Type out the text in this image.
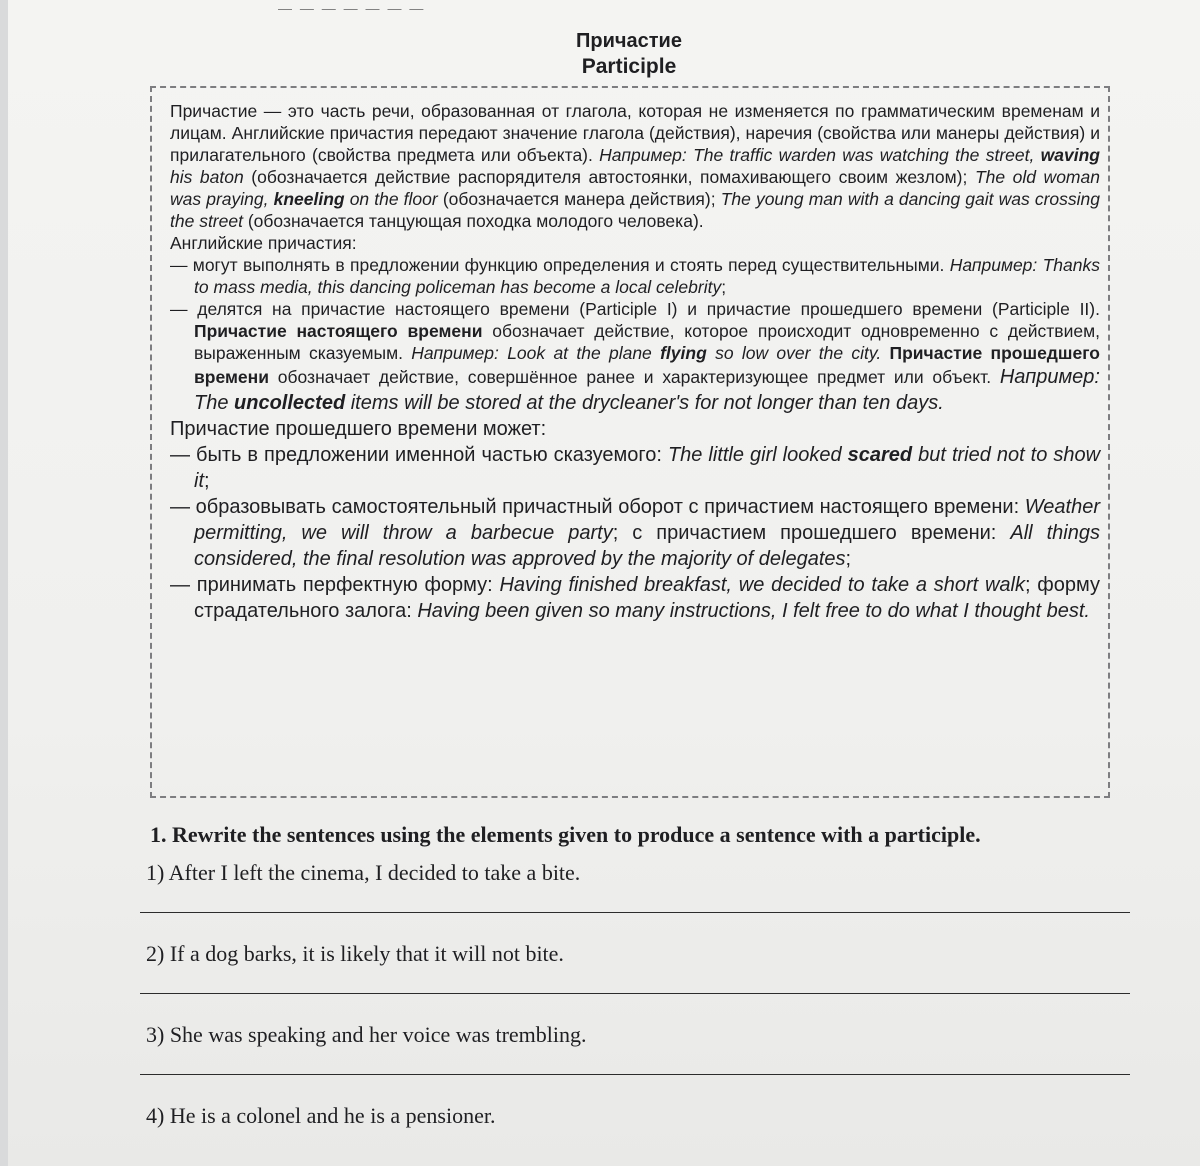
— — — — — — —
Причастие
Participle

Причастие — это часть речи, образованная от глагола, которая не изменяется по грамматическим временам и лицам. Английские причастия передают значение глагола (действия), наречия (свойства или манеры действия) и прилагательного (свойства предмета или объекта). Например: The traffic warden was watching the street, waving his baton (обозначается действие распорядителя автостоянки, помахивающего своим жезлом); The old woman was praying, kneeling on the floor (обозначается манера действия); The young man with a dancing gait was crossing the street (обозначается танцующая походка молодого человека).

Английские причастия:

— могут выполнять в предложении функцию определения и стоять перед существительными. Например: Thanks to mass media, this dancing policeman has become a local celebrity;

— делятся на причастие настоящего времени (Participle I) и причастие прошедшего времени (Participle II). Причастие настоящего времени обозначает действие, которое происходит одновременно с действием, выраженным сказуемым. Например: Look at the plane flying so low over the city. Причастие прошедшего времени обозначает действие, совершённое ранее и характеризующее предмет или объект. Например: The uncollected items will be stored at the drycleaner's for not longer than ten days.

Причастие прошедшего времени может:

— быть в предложении именной частью сказуемого: The little girl looked scared but tried not to show it;

— образовывать самостоятельный причастный оборот с причастием настоящего времени: Weather permitting, we will throw a barbecue party; с причастием прошедшего времени: All things considered, the final resolution was approved by the majority of delegates;

— принимать перфектную форму: Having finished breakfast, we decided to take a short walk; форму страдательного залога: Having been given so many instructions, I felt free to do what I thought best.

1. Rewrite the sentences using the elements given to produce a sentence with a participle.
1) After I left the cinema, I decided to take a bite.
2) If a dog barks, it is likely that it will not bite.
3) She was speaking and her voice was trembling.
4) He is a colonel and he is a pensioner.
